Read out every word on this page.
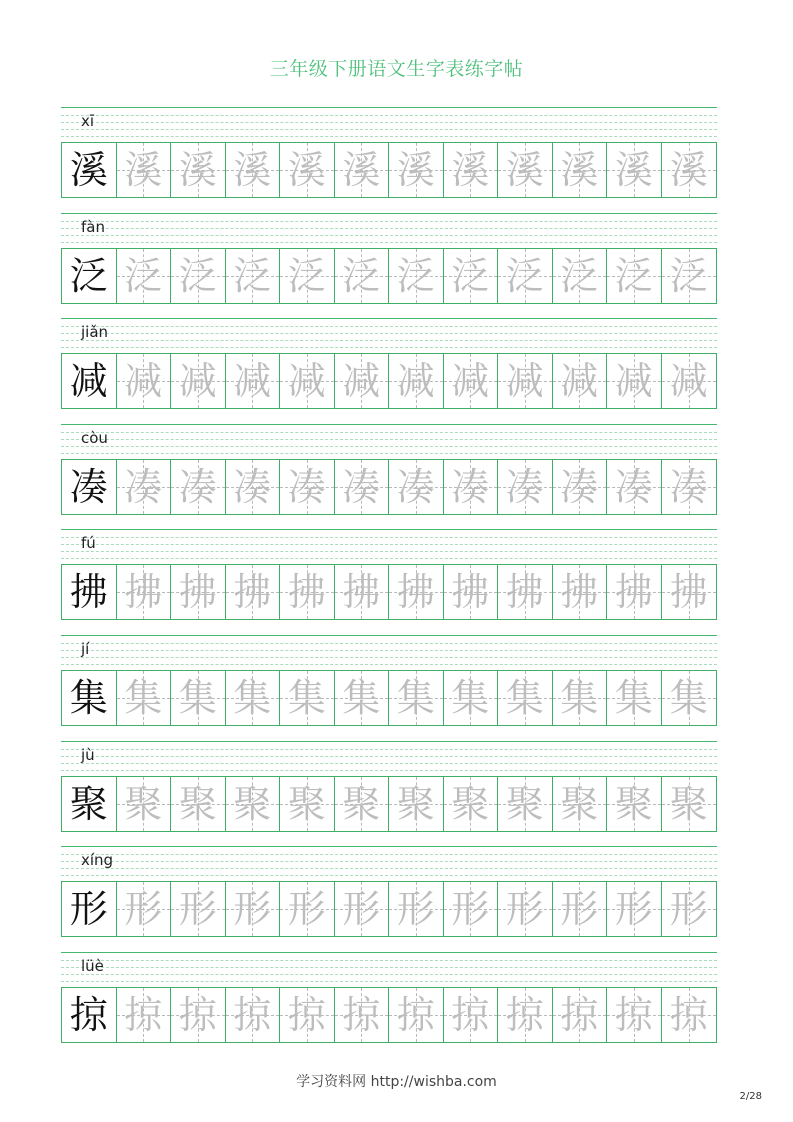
三年级下册语文生字表练字帖
xī
溪 溪 溪 溪 溪 溪 溪 溪 溪 溪 溪 溪
fàn
泛 泛 泛 泛 泛 泛 泛 泛 泛 泛 泛 泛
jiǎn
减 减 减 减 减 减 减 减 减 减 减 减
còu
凑 凑 凑 凑 凑 凑 凑 凑 凑 凑 凑 凑
fú
拂 拂 拂 拂 拂 拂 拂 拂 拂 拂 拂 拂
jí
集 集 集 集 集 集 集 集 集 集 集 集
jù
聚 聚 聚 聚 聚 聚 聚 聚 聚 聚 聚 聚
xíng
形 形 形 形 形 形 形 形 形 形 形 形
lüè
掠 掠 掠 掠 掠 掠 掠 掠 掠 掠 掠 掠
学习资料网 http://wishba.com
2/28
